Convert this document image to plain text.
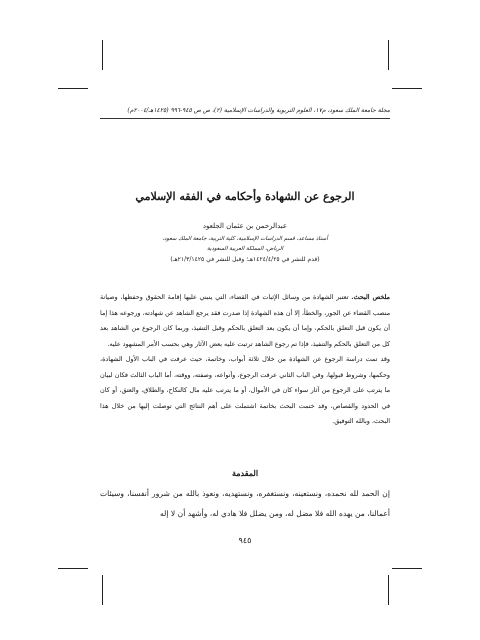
مجلة جامعة الملك سعود، م١٧، العلوم التربوية والدراسات الإسلامية (٢)، ص ص ٩٤٥-٩٩٦ (١٤٢٥هـ/٢٠٠٤م)
الرجوع عن الشهادة وأحكامه في الفقه الإسلامي
عبدالرحمن بن عثمان الجلعود
أستاذ مساعد، قسم الدراسات الإسلامية، كلية التربية، جامعة الملك سعود،
الرياض، المملكة العربية السعودية
(قدم للنشر في ١٤٢٤/٤/٢٥هـ؛ وقبل للنشر في ٢١/٣/١٤٢٥هـ)

ملخص البحث. تعتبر الشهادة من وسائل الإثبات في القضاء، التي ينبني عليها إقامة الحقوق وحفظها، وصيانة منصب القضاء عن الجور، والخطأ، إلا أن هذه الشهادة إذا صدرت فقد يرجع الشاهد عن شهادته، ورجوعه هذا إما أن يكون قبل التعلق بالحكم، وإما أن يكون بعد التعلق بالحكم وقبل التنفيذ، وربما كان الرجوع من الشاهد بعد كل من التعلق بالحكم والتنفيذ، فإذا تم رجوع الشاهد ترتبت عليه بعض الآثار وهي بحسب الأمر المشهود عليه.

وقد تمت دراسة الرجوع عن الشهادة من خلال ثلاثة أبواب، وخاتمة، حيث عرفت في الباب الأول الشهادة، وحكمها، وشروط قبولها، وفي الباب الثاني عرفت الرجوع، وأنواعه، وصفته، ووقته، أما الباب الثالث فكان لبيان ما يترتب على الرجوع من آثار سواء كان في الأموال، أو ما يترتب عليه مال كالنكاح، والطلاق، والعتق، أو كان في الحدود والقصاص، وقد ختمت البحث بخاتمة اشتملت على أهم النتائج التي توصلت إليها من خلال هذا البحث، وبالله التوفيق.

المقدمة

إن الحمد لله نحمده، ونستعينه، ونستغفره، ونستهديه، ونعوذ بالله من شرور أنفسنا، وسيئات أعمالنا، من يهده الله فلا مضل له، ومن يضلل فلا هادي له، وأشهد أن لا إله

٩٤٥
